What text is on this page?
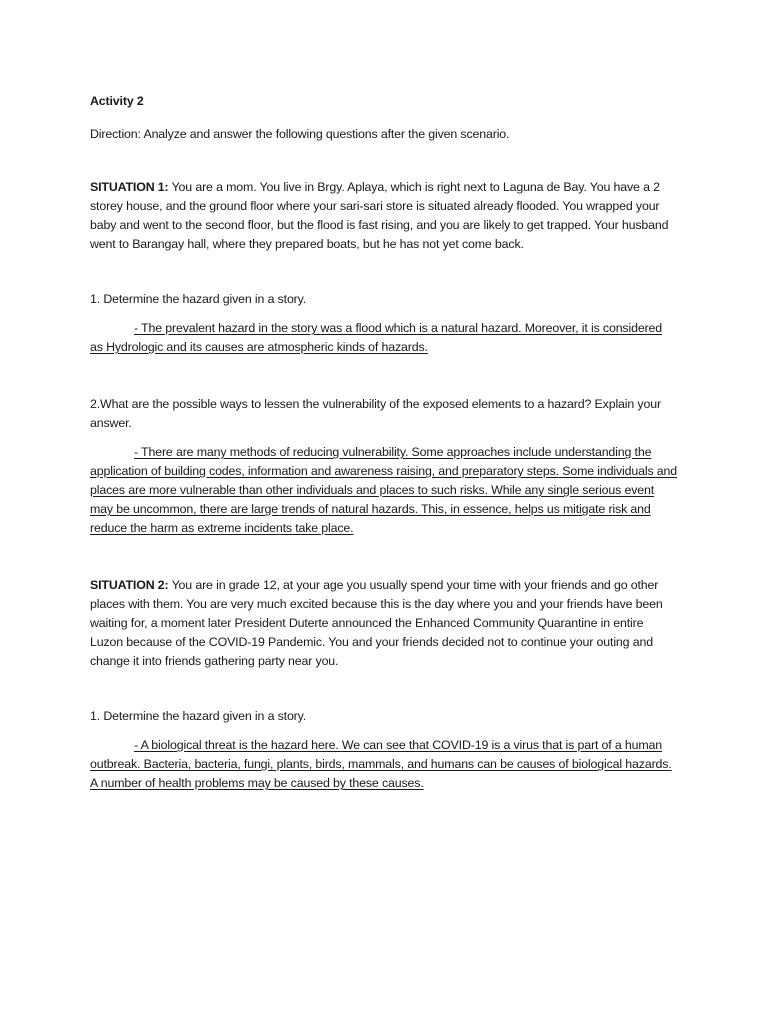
Activity 2

Direction: Analyze and answer the following questions after the given scenario.

SITUATION 1: You are a mom. You live in Brgy. Aplaya, which is right next to Laguna de Bay. You have a 2 storey house, and the ground floor where your sari-sari store is situated already flooded. You wrapped your baby and went to the second floor, but the flood is fast rising, and you are likely to get trapped. Your husband went to Barangay hall, where they prepared boats, but he has not yet come back.

1. Determine the hazard given in a story.

- The prevalent hazard in the story was a flood which is a natural hazard. Moreover, it is considered as Hydrologic and its causes are atmospheric kinds of hazards.

2.What are the possible ways to lessen the vulnerability of the exposed elements to a hazard? Explain your answer.

- There are many methods of reducing vulnerability. Some approaches include understanding the application of building codes, information and awareness raising, and preparatory steps. Some individuals and places are more vulnerable than other individuals and places to such risks. While any single serious event may be uncommon, there are large trends of natural hazards. This, in essence, helps us mitigate risk and reduce the harm as extreme incidents take place.

SITUATION 2: You are in grade 12, at your age you usually spend your time with your friends and go other places with them. You are very much excited because this is the day where you and your friends have been waiting for, a moment later President Duterte announced the Enhanced Community Quarantine in entire Luzon because of the COVID-19 Pandemic. You and your friends decided not to continue your outing and change it into friends gathering party near you.

1. Determine the hazard given in a story.

- A biological threat is the hazard here. We can see that COVID-19 is a virus that is part of a human outbreak. Bacteria, bacteria, fungi, plants, birds, mammals, and humans can be causes of biological hazards. A number of health problems may be caused by these causes.
